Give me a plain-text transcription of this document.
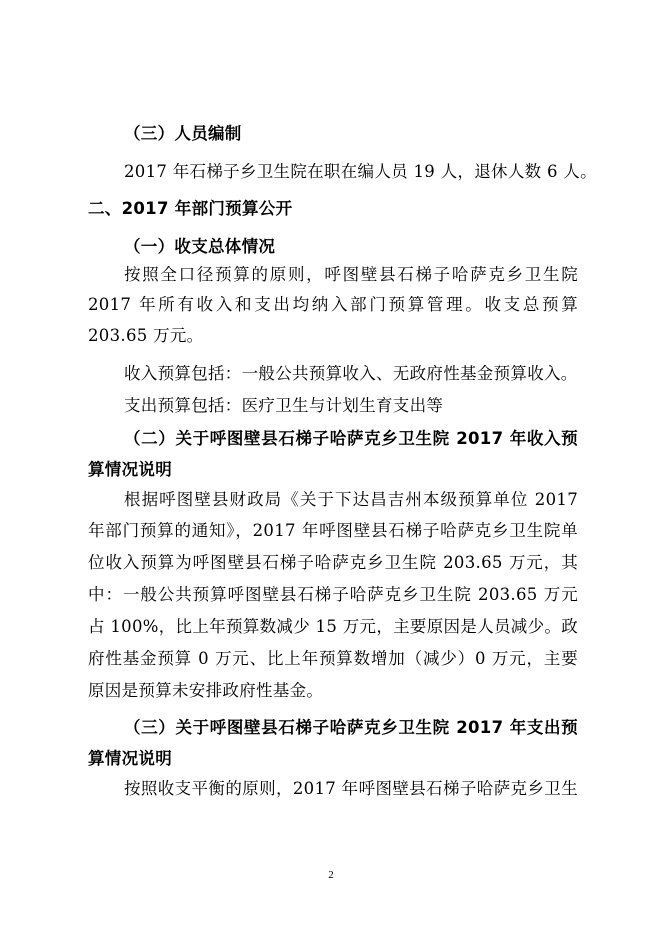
（三）人员编制
2017 年石梯子乡卫生院在职在编人员 19 人，退休人数 6 人。
二、2017 年部门预算公开
（一）收支总体情况
按照全口径预算的原则，呼图壁县石梯子哈萨克乡卫生院
2017 年所有收入和支出均纳入部门预算管理。收支总预算
203.65 万元。
收入预算包括：一般公共预算收入、无政府性基金预算收入。
支出预算包括：医疗卫生与计划生育支出等
（二）关于呼图壁县石梯子哈萨克乡卫生院 2017 年收入预
算情况说明
根据呼图壁县财政局《关于下达昌吉州本级预算单位 2017
年部门预算的通知》，2017 年呼图壁县石梯子哈萨克乡卫生院单
位收入预算为呼图壁县石梯子哈萨克乡卫生院 203.65 万元，其
中：一般公共预算呼图壁县石梯子哈萨克乡卫生院 203.65 万元
占 100%，比上年预算数减少 15 万元，主要原因是人员减少。政
府性基金预算 0 万元、比上年预算数增加（减少）0 万元，主要
原因是预算未安排政府性基金。
（三）关于呼图壁县石梯子哈萨克乡卫生院 2017 年支出预
算情况说明
按照收支平衡的原则，2017 年呼图壁县石梯子哈萨克乡卫生
2
